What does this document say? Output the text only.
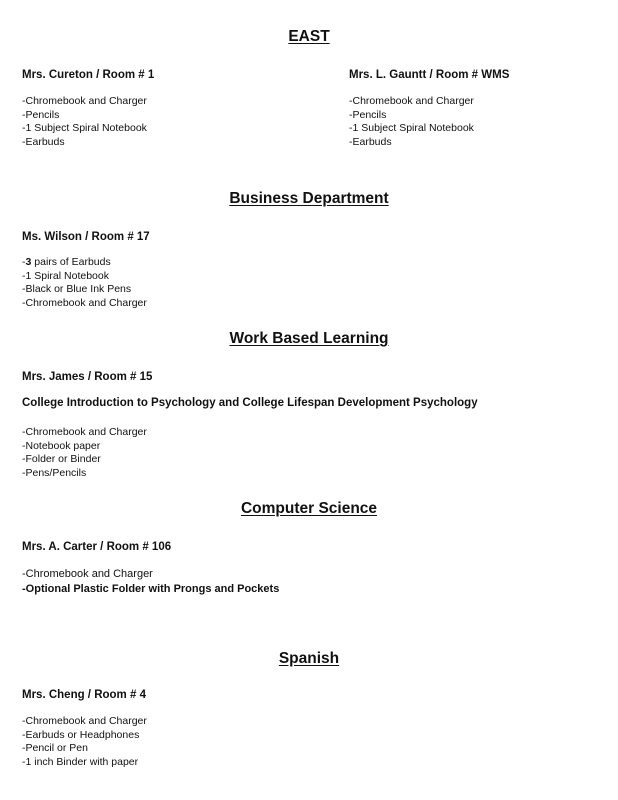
EAST
Mrs. Cureton / Room # 1
-Chromebook and Charger
-Pencils
-1 Subject Spiral Notebook
-Earbuds
Mrs. L. Gauntt / Room # WMS
-Chromebook and Charger
-Pencils
-1 Subject Spiral Notebook
-Earbuds
Business Department
Ms. Wilson / Room # 17
-3 pairs of Earbuds
-1 Spiral Notebook
-Black or Blue Ink Pens
-Chromebook and Charger
Work Based Learning
Mrs. James / Room # 15
College Introduction to Psychology and College Lifespan Development Psychology
-Chromebook and Charger
-Notebook paper
-Folder or Binder
-Pens/Pencils
Computer Science
Mrs. A. Carter / Room # 106
-Chromebook and Charger
-Optional Plastic Folder with Prongs and Pockets
Spanish
Mrs. Cheng / Room # 4
-Chromebook and Charger
-Earbuds or Headphones
-Pencil or Pen
-1 inch Binder with paper
